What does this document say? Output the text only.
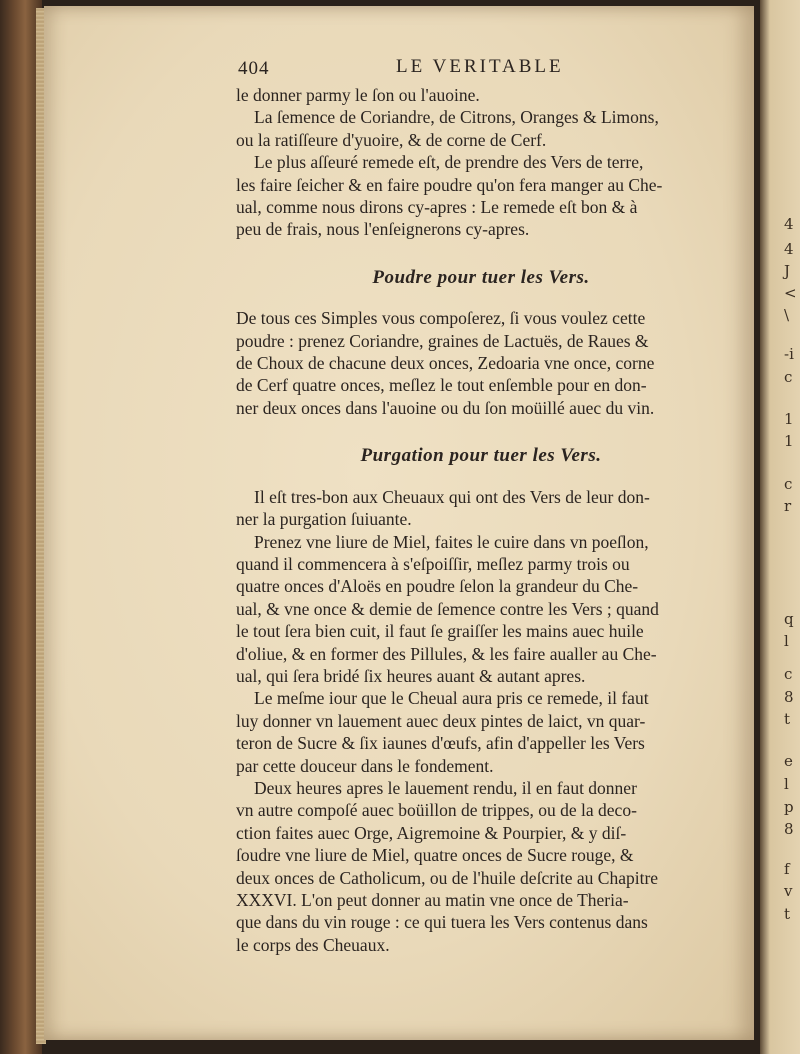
4
4
J
<
\
-i
c
1
1
c
r
q
l
c
8
t
e
l
p
8
f
v
t
404	LE VERITABLE
le donner parmy le ſon ou l'auoine.
La ſemence de Coriandre, de Citrons, Oranges & Limons,
ou la ratiſſeure d'yuoire, & de corne de Cerf.
Le plus aſſeuré remede eſt, de prendre des Vers de terre,
les faire ſeicher & en faire poudre qu'on fera manger au Che-
ual, comme nous dirons cy-apres : Le remede eſt bon & à
peu de frais, nous l'enſeignerons cy-apres.
Poudre pour tuer les Vers.
De tous ces Simples vous compoſerez, ſi vous voulez cette
poudre : prenez Coriandre, graines de Lactuës, de Raues &
de Choux de chacune deux onces, Zedoaria vne once, corne
de Cerf quatre onces, meſlez le tout enſemble pour en don-
ner deux onces dans l'auoine ou du ſon moüillé auec du vin.
Purgation pour tuer les Vers.
Il eſt tres-bon aux Cheuaux qui ont des Vers de leur don-
ner la purgation ſuiuante.
Prenez vne liure de Miel, faites le cuire dans vn poeſlon,
quand il commencera à s'eſpoiſſir, meſlez parmy trois ou
quatre onces d'Aloës en poudre ſelon la grandeur du Che-
ual, & vne once & demie de ſemence contre les Vers ; quand
le tout ſera bien cuit, il faut ſe graiſſer les mains auec huile
d'oliue, & en former des Pillules, & les faire aualler au Che-
ual, qui ſera bridé ſix heures auant & autant apres.
Le meſme iour que le Cheual aura pris ce remede, il faut
luy donner vn lauement auec deux pintes de laict, vn quar-
teron de Sucre & ſix iaunes d'œufs, afin d'appeller les Vers
par cette douceur dans le fondement.
Deux heures apres le lauement rendu, il en faut donner
vn autre compoſé auec boüillon de trippes, ou de la deco-
ction faites auec Orge, Aigremoine & Pourpier, & y diſ-
ſoudre vne liure de Miel, quatre onces de Sucre rouge, &
deux onces de Catholicum, ou de l'huile deſcrite au Chapitre
XXXVI. L'on peut donner au matin vne once de Theria-
que dans du vin rouge : ce qui tuera les Vers contenus dans
le corps des Cheuaux.
